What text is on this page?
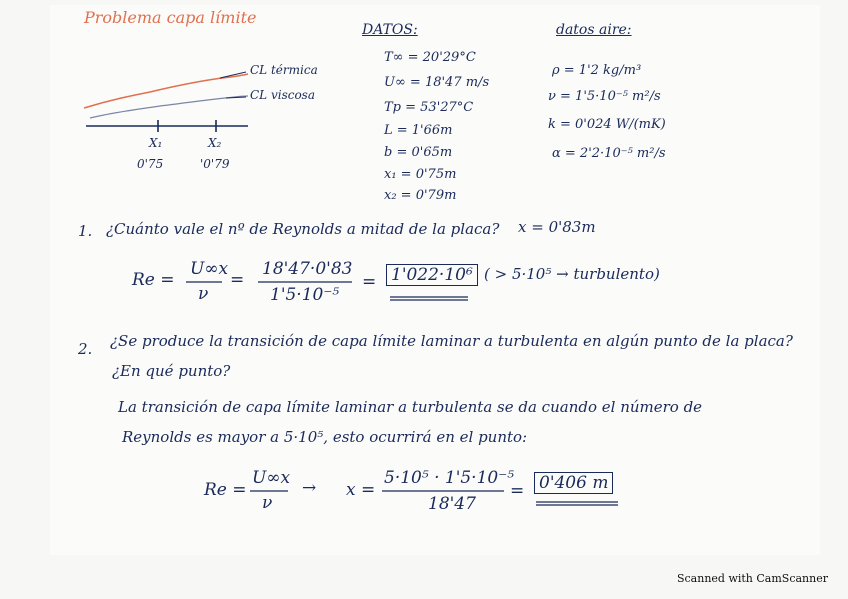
Problema capa límite
CL térmica
CL viscosa
X₁	X₂
0'75	'0'79
DATOS:
T∞ = 20'29°C
U∞ = 18'47 m/s
Tp = 53'27°C
L = 1'66m
b = 0'65m
x₁ = 0'75m
x₂ = 0'79m
datos aire:
ρ = 1'2 kg/m³
ν = 1'5·10⁻⁵ m²/s
k = 0'024 W/(mK)
α = 2'2·10⁻⁵ m²/s
1. ¿Cuánto vale el nº de Reynolds a mitad de la placa? x = 0'83m
Re =
U∞x
ν
=
18'47·0'83
1'5·10⁻⁵
= 1'022·10⁶ ( > 5·10⁵ → turbulento)
2. ¿Se produce la transición de capa límite laminar a turbulenta en algún punto de la placa?
¿En qué punto?
La transición de capa límite laminar a turbulenta se da cuando el número de
Reynolds es mayor a 5·10⁵, esto ocurrirá en el punto:
Re =
U∞x
ν
→ x =
5·10⁵ · 1'5·10⁻⁵
18'47
= 0'406 m
Scanned with CamScanner
